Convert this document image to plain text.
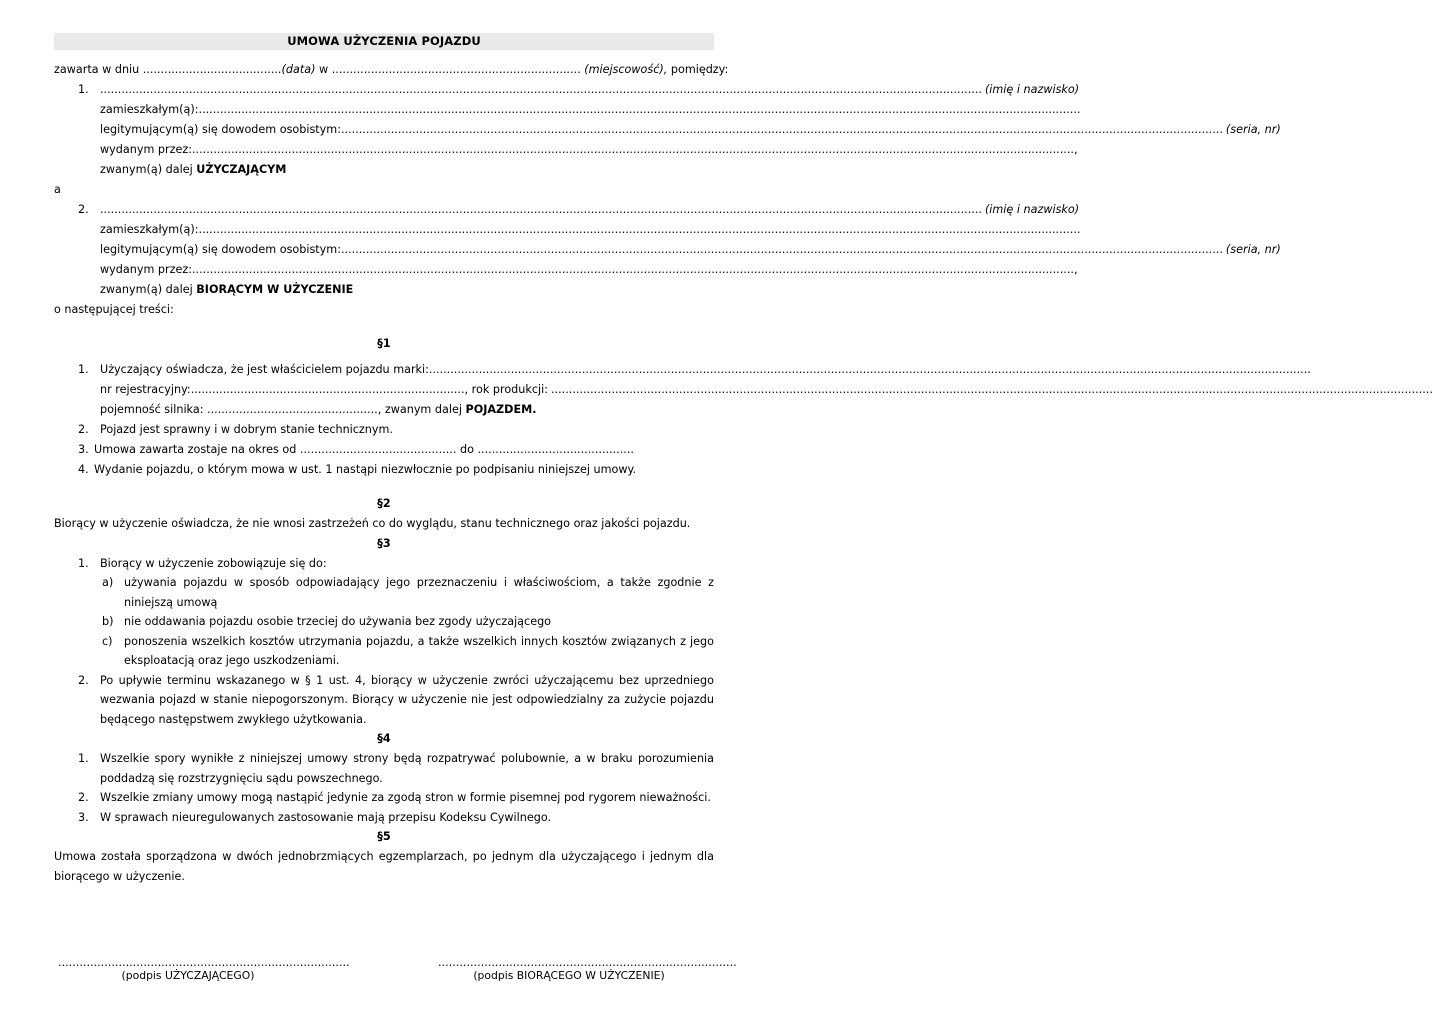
UMOWA UŻYCZENIA POJAZDU
zawarta w dniu .......................................(data) w ...................................................................... (miejscowość), pomiędzy:
1. .....	(imię i nazwisko)
zamieszkałym(ą):
.....
legitymującym(ą) się dowodem osobistym: .....	(seria, nr)
wydanym przez: .....	,
zwanym(ą) dalej UŻYCZAJĄCYM
a
2. .....	(imię i nazwisko)
zamieszkałym(ą):
.....
legitymującym(ą) się dowodem osobistym: .....	(seria, nr)
wydanym przez: .....	,
zwanym(ą) dalej BIORĄCYM W UŻYCZENIE
o następującej treści:
§1
1. Użyczający oświadcza, że jest właścicielem pojazdu marki:
.....
nr rejestracyjny: ............................................................................. , rok produkcji:
.....
pojemność silnika: ................................................, zwanym dalej POJAZDEM.
2. Pojazd jest sprawny i w dobrym stanie technicznym.
3. Umowa zawarta zostaje na okres od ............................................ do ............................................
4. Wydanie pojazdu, o którym mowa w ust. 1 nastąpi niezwłocznie po podpisaniu niniejszej umowy.
§2
Biorący w użyczenie oświadcza, że nie wnosi zastrzeżeń co do wyglądu, stanu technicznego oraz jakości pojazdu.
§3
1. Biorący w użyczenie zobowiązuje się do:
a) używania pojazdu w sposób odpowiadający jego przeznaczeniu i właściwościom, a także zgodnie z niniejszą umową
b) nie oddawania pojazdu osobie trzeciej do używania bez zgody użyczającego
c) ponoszenia wszelkich kosztów utrzymania pojazdu, a także wszelkich innych kosztów związanych z jego eksploatacją oraz jego uszkodzeniami.
2. Po upływie terminu wskazanego w § 1 ust. 4, biorący w użyczenie zwróci użyczającemu bez uprzedniego wezwania pojazd w stanie niepogorszonym. Biorący w użyczenie nie jest odpowiedzialny za zużycie pojazdu będącego następstwem zwykłego użytkowania.
§4
1. Wszelkie spory wynikłe z niniejszej umowy strony będą rozpatrywać polubownie, a w braku porozumienia poddadzą się rozstrzygnięciu sądu powszechnego.
2. Wszelkie zmiany umowy mogą nastąpić jedynie za zgodą stron w formie pisemnej pod rygorem nieważności.
3. W sprawach nieuregulowanych zastosowanie mają przepisu Kodeksu Cywilnego.
§5
Umowa została sporządzona w dwóch jednobrzmiących egzemplarzach, po jednym dla użyczającego i jednym dla biorącego w użyczenie.
..................................................................................
(podpis UŻYCZAJĄCEGO)
....................................................................................
(podpis BIORĄCEGO W UŻYCZENIE)
